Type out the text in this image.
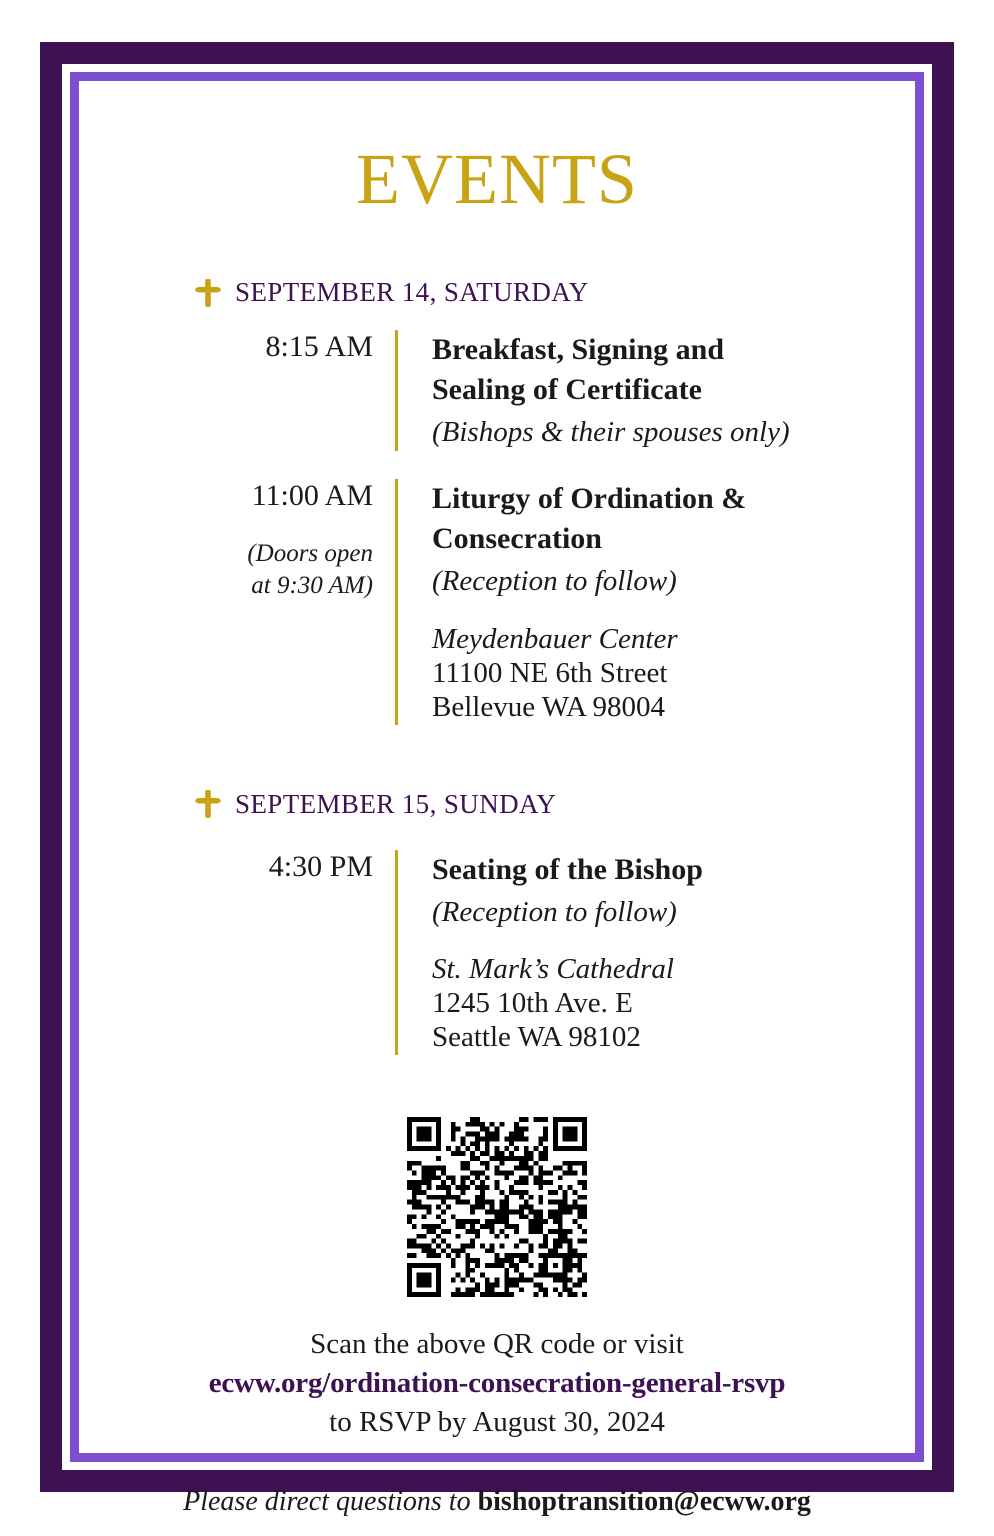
EVENTS
SEPTEMBER 14, SATURDAY
8:15 AM Breakfast, Signing and Sealing of Certificate
(Bishops & their spouses only)
11:00 AM
(Doors open
at 9:30 AM)
Liturgy of Ordination & Consecration
(Reception to follow)
Meydenbauer Center
11100 NE 6th Street
Bellevue WA 98004
SEPTEMBER 15, SUNDAY
4:30 PM Seating of the Bishop
(Reception to follow)
St. Mark’s Cathedral
1245 10th Ave. E
Seattle WA 98102
Scan the above QR code or visit
ecww.org/ordination-consecration-general-rsvp
to RSVP by August 30, 2024
Please direct questions to bishoptransition@ecww.org
